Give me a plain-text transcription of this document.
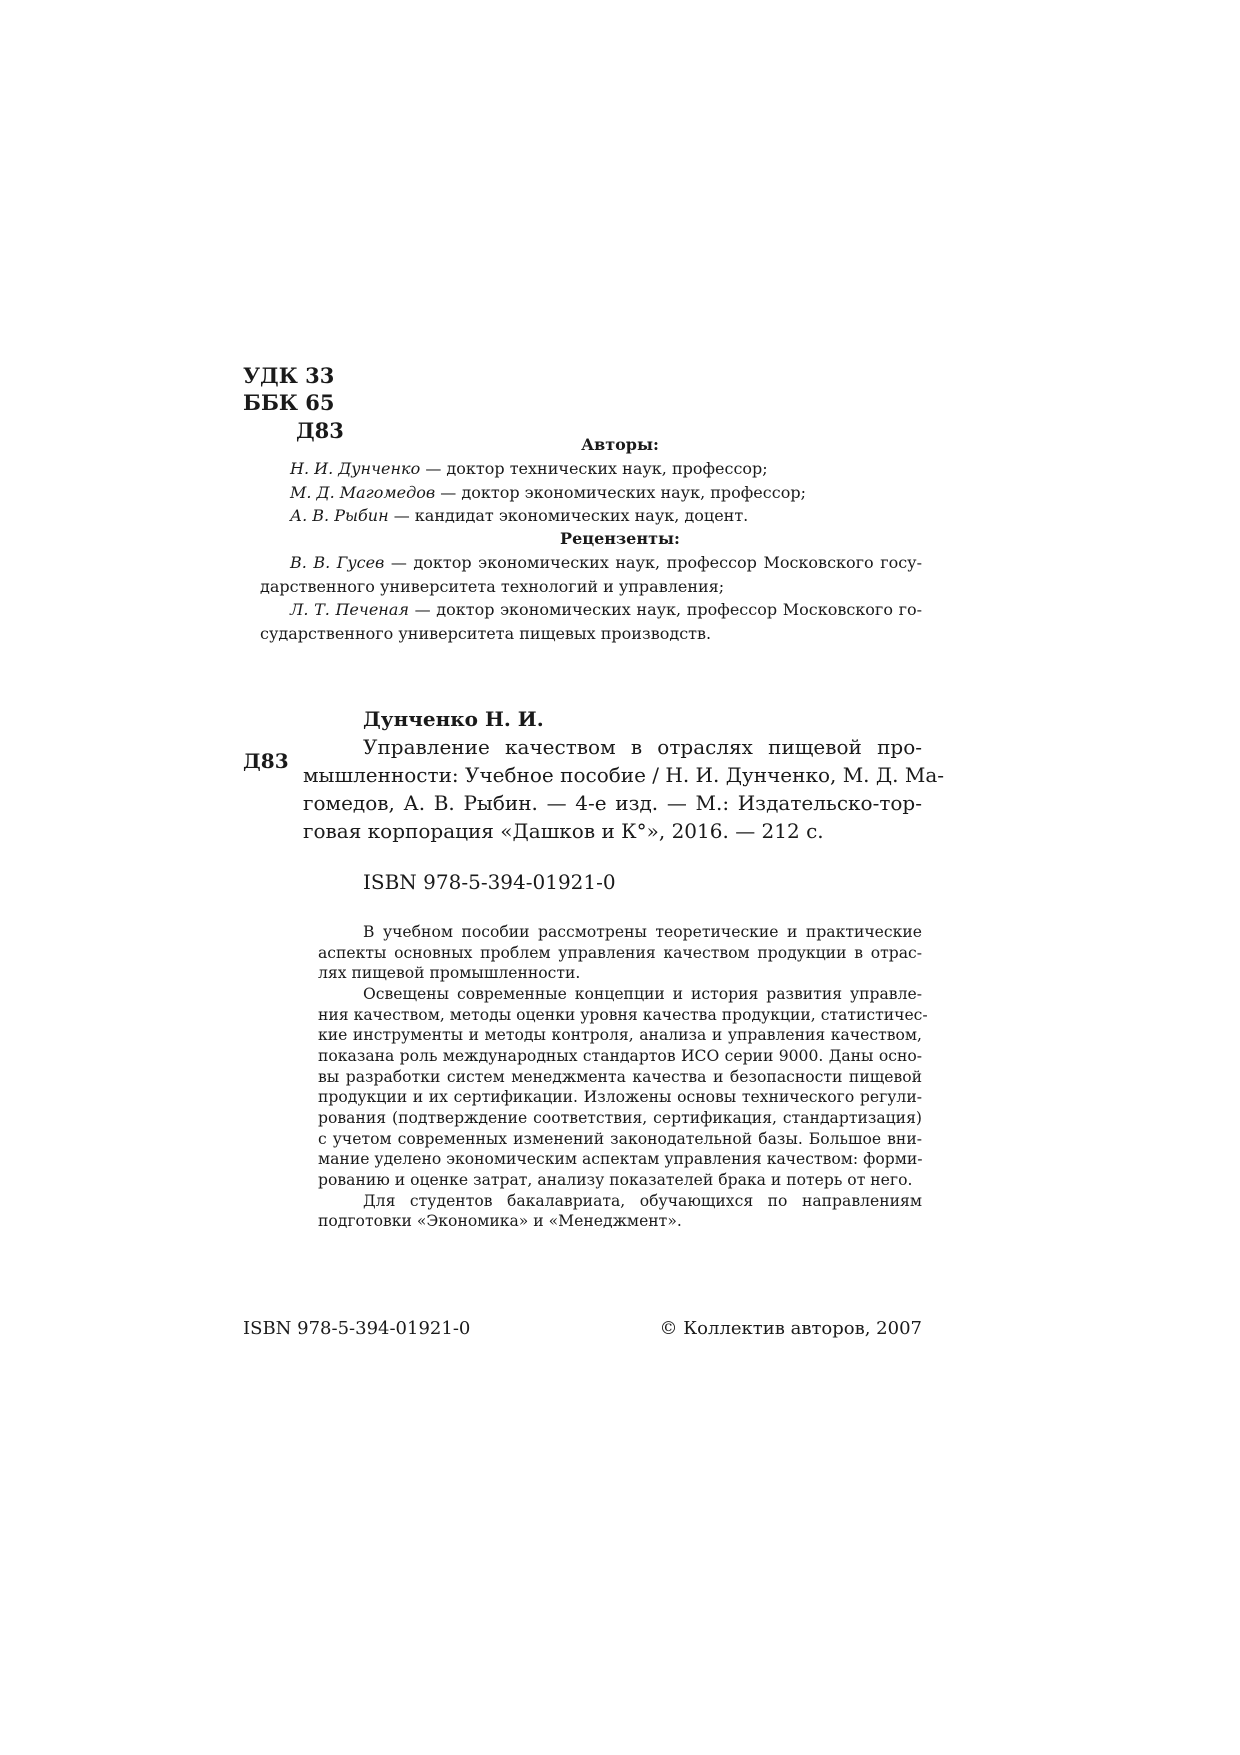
УДК 33
ББК 65
Д83
Авторы:
Н. И. Дунченко — доктор технических наук, профессор;
М. Д. Магомедов — доктор экономических наук, профессор;
А. В. Рыбин — кандидат экономических наук, доцент.
Рецензенты:
В. В. Гусев — доктор экономических наук, профессор Московского госу-
дарственного университета технологий и управления;
Л. Т. Печеная — доктор экономических наук, профессор Московского го-
сударственного университета пищевых производств.
Дунченко Н. И.
Д83
Управление качеством в отраслях пищевой про-
мышленности: Учебное пособие / Н. И. Дунченко, М. Д. Ма-
гомедов, А. В. Рыбин. — 4-е изд. — М.: Издательско-тор-
говая корпорация «Дашков и К°», 2016. — 212 с.
ISBN 978-5-394-01921-0
В учебном пособии рассмотрены теоретические и практические
аспекты основных проблем управления качеством продукции в отрас-
лях пищевой промышленности.
Освещены современные концепции и история развития управле-
ния качеством, методы оценки уровня качества продукции, статистичес-
кие инструменты и методы контроля, анализа и управления качеством,
показана роль международных стандартов ИСО серии 9000. Даны осно-
вы разработки систем менеджмента качества и безопасности пищевой
продукции и их сертификации. Изложены основы технического регули-
рования (подтверждение соответствия, сертификация, стандартизация)
с учетом современных изменений законодательной базы. Большое вни-
мание уделено экономическим аспектам управления качеством: форми-
рованию и оценке затрат, анализу показателей брака и потерь от него.
Для студентов бакалавриата, обучающихся по направлениям
подготовки «Экономика» и «Менеджмент».
ISBN 978-5-394-01921-0	© Коллектив авторов, 2007
